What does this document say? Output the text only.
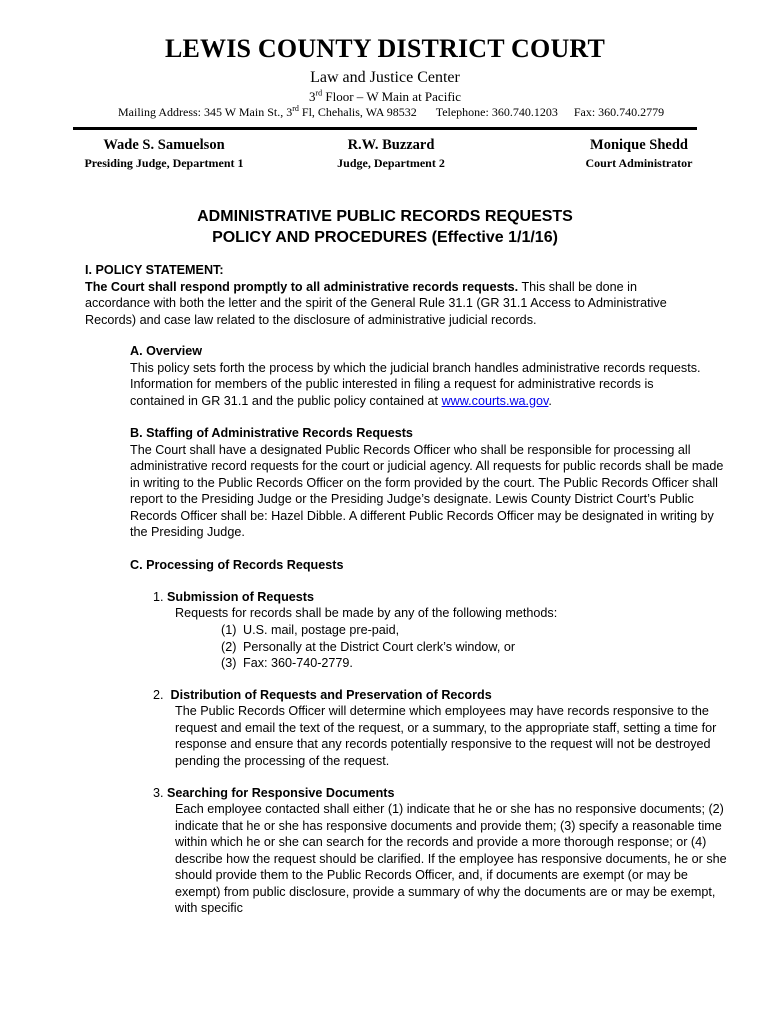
LEWIS COUNTY DISTRICT COURT
Law and Justice Center
3rd Floor – W Main at Pacific
Mailing Address: 345 W Main St., 3rd Fl, Chehalis, WA 98532 Telephone: 360.740.1203 Fax: 360.740.2779
Wade S. Samuelson
Presiding Judge, Department 1
R.W. Buzzard
Judge, Department 2
Monique Shedd
Court Administrator
ADMINISTRATIVE PUBLIC RECORDS REQUESTS
POLICY AND PROCEDURES (Effective 1/1/16)
I. POLICY STATEMENT:
The Court shall respond promptly to all administrative records requests. This shall be done in accordance with both the letter and the spirit of the General Rule 31.1 (GR 31.1 Access to Administrative Records) and case law related to the disclosure of administrative judicial records.
A. Overview
This policy sets forth the process by which the judicial branch handles administrative records requests. Information for members of the public interested in filing a request for administrative records is contained in GR 31.1 and the public policy contained at www.courts.wa.gov.
B. Staffing of Administrative Records Requests
The Court shall have a designated Public Records Officer who shall be responsible for processing all administrative record requests for the court or judicial agency. All requests for public records shall be made in writing to the Public Records Officer on the form provided by the court. The Public Records Officer shall report to the Presiding Judge or the Presiding Judge’s designate. Lewis County District Court’s Public Records Officer shall be: Hazel Dibble. A different Public Records Officer may be designated in writing by the Presiding Judge.
C. Processing of Records Requests
1. Submission of Requests
Requests for records shall be made by any of the following methods:
(1) U.S. mail, postage pre-paid,
(2) Personally at the District Court clerk’s window, or
(3) Fax: 360-740-2779.
2. Distribution of Requests and Preservation of Records
The Public Records Officer will determine which employees may have records responsive to the request and email the text of the request, or a summary, to the appropriate staff, setting a time for response and ensure that any records potentially responsive to the request will not be destroyed pending the processing of the request.
3. Searching for Responsive Documents
Each employee contacted shall either (1) indicate that he or she has no responsive documents; (2) indicate that he or she has responsive documents and provide them; (3) specify a reasonable time within which he or she can search for the records and provide a more thorough response; or (4) describe how the request should be clarified. If the employee has responsive documents, he or she should provide them to the Public Records Officer, and, if documents are exempt (or may be exempt) from public disclosure, provide a summary of why the documents are or may be exempt, with specific
